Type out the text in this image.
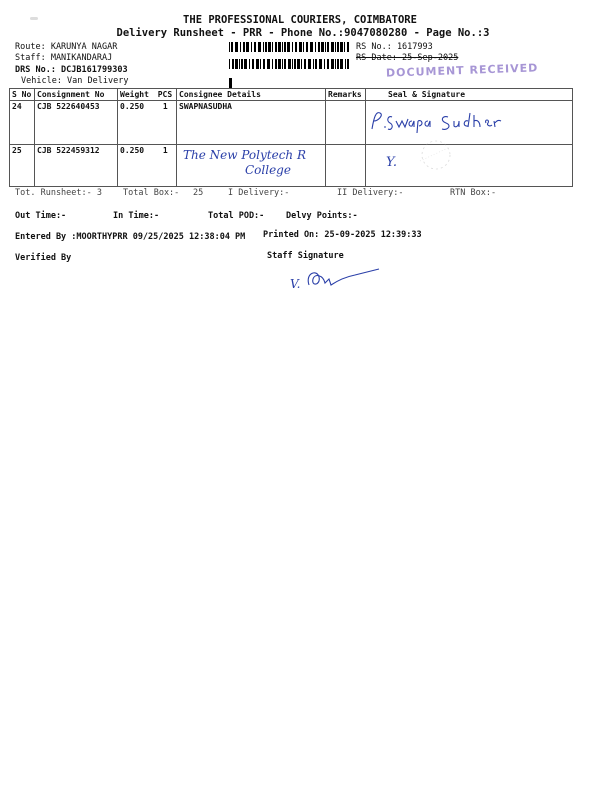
THE PROFESSIONAL COURIERS, COIMBATORE
Delivery Runsheet - PRR - Phone No.:9047080280 - Page No.:3
Route: KARUNYA NAGAR
Staff: MANIKANDARAJ
DRS No.: DCJB161799303
Vehicle: Van Delivery
RS No.: 1617993
RS Date: 25-Sep-2025
DOCUMENT RECEIVED
S No	Consignment No	Weight PCS	Consignee Details	Remarks	Seal & Signature
24	CJB 522640453	0.250 1	SWAPNASUDHA		

25	CJB 522459312	0.250 1	The New Polytech R
College		Y.
Tot. Runsheet:- 3 Total Box:- 25	I Delivery:-	II Delivery:-	RTN Box:-
Out Time:-	In Time:-	Total POD:-	Delvy Points:-
Entered By :MOORTHYPRR 09/25/2025 12:38:04 PM Printed On: 25-09-2025 12:39:33
Verified By	Staff Signature
V.
